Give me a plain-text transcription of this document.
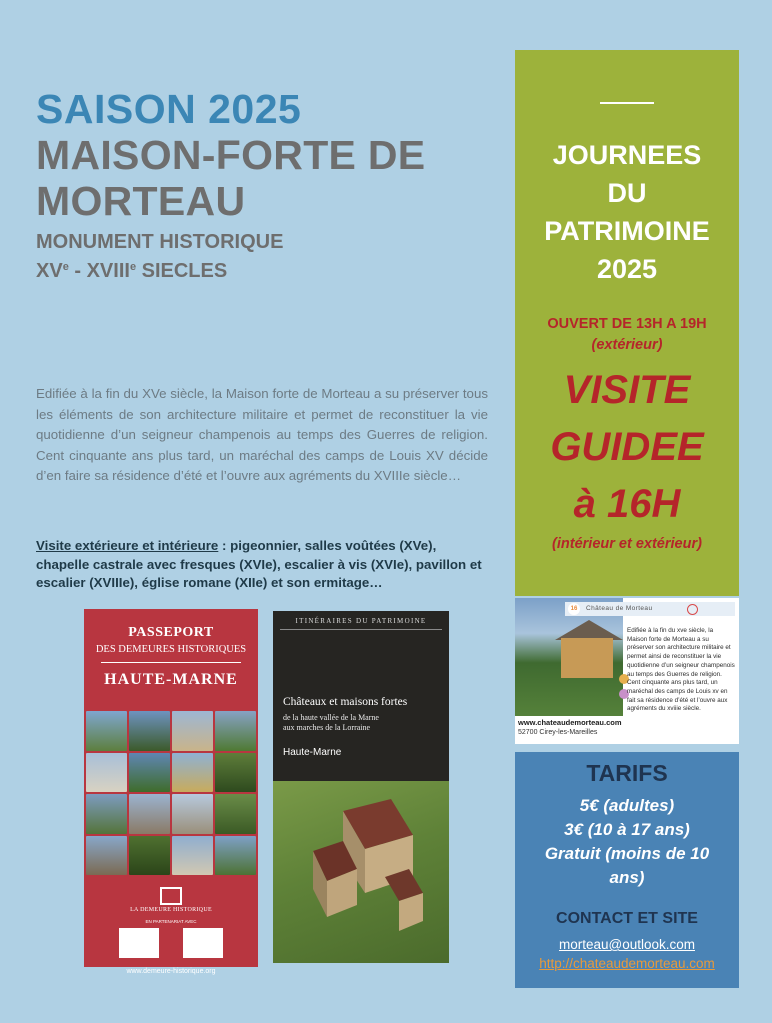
SAISON 2025
MAISON-FORTE DE
MORTEAU
MONUMENT HISTORIQUE
XVe - XVIIIe SIECLES
Edifiée à la fin du XVe siècle, la Maison forte de Morteau a su préserver tous les éléments de son architecture militaire et permet de reconstituer la vie quotidienne d’un seigneur champenois au temps des Guerres de religion. Cent cinquante ans plus tard, un maréchal des camps de Louis XV décide d’en faire sa résidence d’été et l’ouvre aux agréments du XVIIIe siècle…
Visite extérieure et intérieure : pigeonnier, salles voûtées (XVe), chapelle castrale avec fresques (XVIe), escalier à vis (XVIe), pavillon et escalier (XVIIIe), église romane (XIIe) et son ermitage…
PASSEPORT
DES DEMEURES HISTORIQUES
HAUTE-MARNE
LA DEMEURE HISTORIQUE
EN PARTENARIAT AVEC
www.demeure-historique.org
ITINÉRAIRES DU PATRIMOINE
Châteaux et maisons fortes
de la haute vallée de la Marne
aux marches de la Lorraine
Haute-Marne
JOURNEES
DU
PATRIMOINE
2025
OUVERT DE 13H A 19H
(extérieur)
VISITE
GUIDEE
à 16H
(intérieur et extérieur)
16	Château de Morteau
Edifiée à la fin du xve siècle, la Maison forte de Morteau a su préserver son architecture militaire et permet ainsi de reconstituer la vie quotidienne d’un seigneur champenois au temps des Guerres de religion. Cent cinquante ans plus tard, un maréchal des camps de Louis xv en fait sa résidence d’été et l’ouvre aux agréments du xviiie siècle.
www.chateaudemorteau.com
52700 Cirey-les-Mareilles
TARIFS
5€ (adultes)
3€ (10 à 17 ans)
Gratuit (moins de 10
ans)
CONTACT ET SITE
morteau@outlook.com
http://chateaudemorteau.com
